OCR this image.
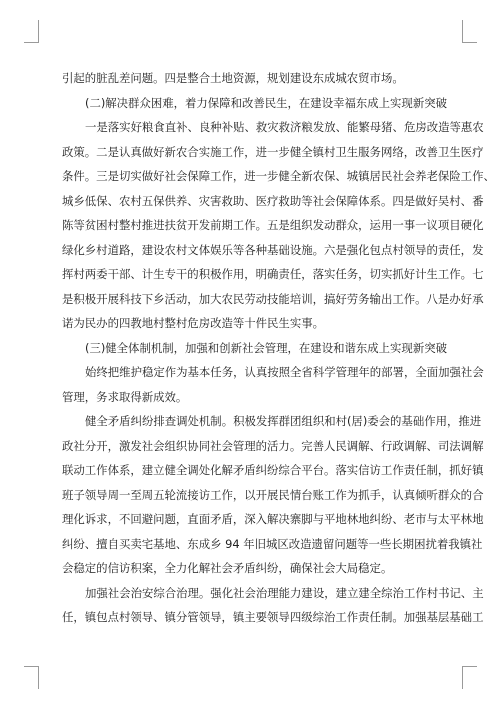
引起的脏乱差问题。四是整合土地资源，规划建设东成城农贸市场。
(二)解决群众困难，着力保障和改善民生，在建设幸福东成上实现新突破
一是落实好粮食直补、良种补贴、救灾救济粮发放、能繁母猪、危房改造等惠农
政策。二是认真做好新农合实施工作，进一步健全镇村卫生服务网络，改善卫生医疗
条件。三是切实做好社会保障工作，进一步健全新农保、城镇居民社会养老保险工作、
城乡低保、农村五保供养、灾害救助、医疗救助等社会保障体系。四是做好吴村、番
陈等贫困村整村推进扶贫开发前期工作。五是组织发动群众，运用一事一议项目硬化
绿化乡村道路，建设农村文体娱乐等各种基础设施。六是强化包点村领导的责任，发
挥村两委干部、计生专干的积极作用，明确责任，落实任务，切实抓好计生工作。七
是积极开展科技下乡活动，加大农民劳动技能培训，搞好劳务输出工作。八是办好承
诺为民办的四教地村整村危房改造等十件民生实事。
(三)健全体制机制，加强和创新社会管理，在建设和谐东成上实现新突破
始终把维护稳定作为基本任务，认真按照全省科学管理年的部署，全面加强社会
管理，务求取得新成效。
健全矛盾纠纷排查调处机制。积极发挥群团组织和村(居)委会的基础作用，推进
政社分开，激发社会组织协同社会管理的活力。完善人民调解、行政调解、司法调解
联动工作体系，建立健全调处化解矛盾纠纷综合平台。落实信访工作责任制，抓好镇
班子领导周一至周五轮流接访工作，以开展民情台账工作为抓手，认真倾听群众的合
理化诉求，不回避问题，直面矛盾，深入解决寨脚与平地林地纠纷、老市与太平林地
纠纷、擅自买卖宅基地、东成乡 94 年旧城区改造遗留问题等一些长期困扰着我镇社
会稳定的信访积案，全力化解社会矛盾纠纷，确保社会大局稳定。
加强社会治安综合治理。强化社会治理能力建设，建立建全综治工作村书记、主
任，镇包点村领导、镇分管领导，镇主要领导四级综治工作责任制。加强基层基础工
